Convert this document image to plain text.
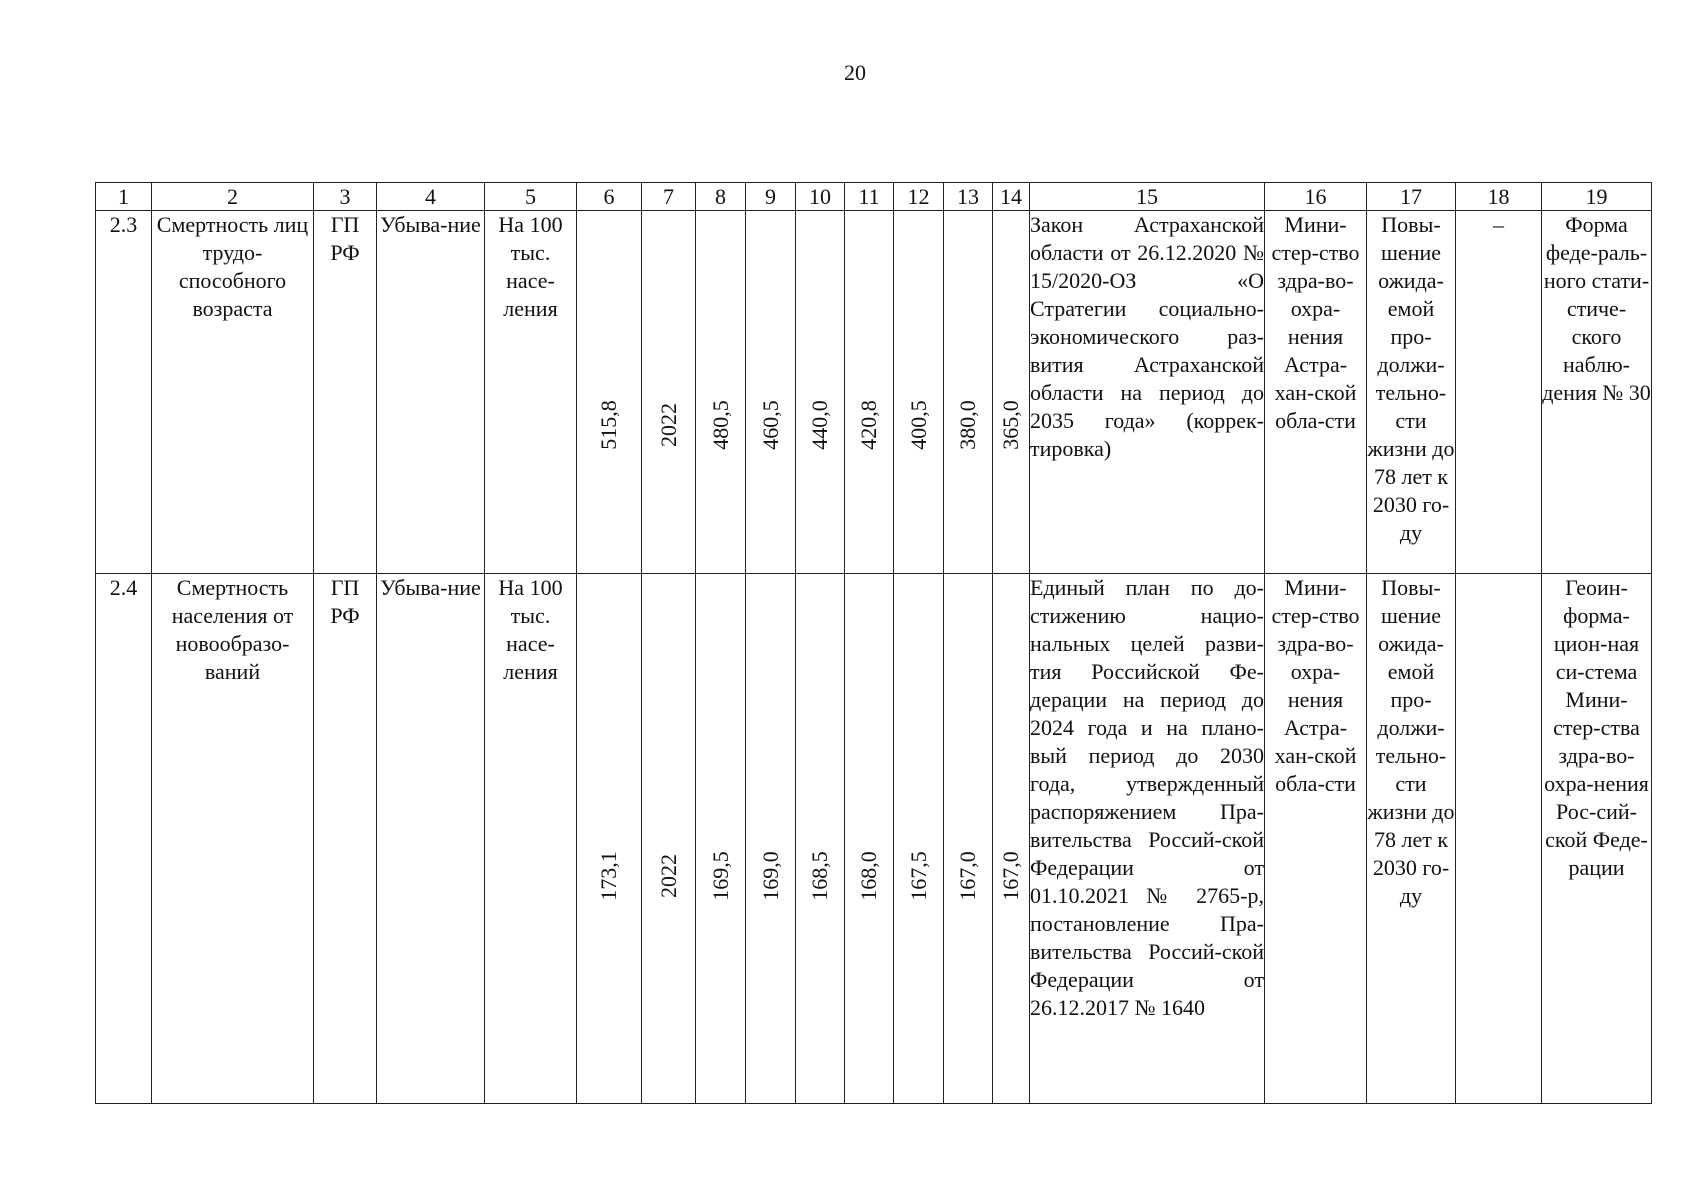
20
1	2	3	4	5	6	7	8	9	10	11	12	13	14	15	16	17	18	19
2.3	Смертность лиц трудо-способного возраста	ГП РФ	Убыва-ние	На 100 тыс. насе-ления	515,8	2022	480,5	460,5	440,0	420,8	400,5	380,0	365,0	Закон Астраханской области от 26.12.2020 № 15/2020-ОЗ «О Стратегии социально-экономического раз-вития Астраханской области на период до 2035 года» (коррек-тировка)	Мини-стер-ство здра-во-охра-нения Астра-хан-ской обла-сти	Повы-шение ожида-емой про-должи-тельно-сти жизни до 78 лет к 2030 го-ду	–	Форма феде-раль-ного стати-стиче-ского наблю-дения № 30
2.4	Смертность населения от новообразо-ваний	ГП РФ	Убыва-ние	На 100 тыс. насе-ления	173,1	2022	169,5	169,0	168,5	168,0	167,5	167,0	167,0	Единый план по до-стижению нацио-нальных целей разви-тия Российской Фе-дерации на период до 2024 года и на плано-вый период до 2030 года, утвержденный распоряжением Пра-вительства Россий-ской Федерации от 01.10.2021 № 2765-р, постановление Пра-вительства Россий-ской Федерации от 26.12.2017 № 1640	Мини-стер-ство здра-во-охра-нения Астра-хан-ской обла-сти	Повы-шение ожида-емой про-должи-тельно-сти жизни до 78 лет к 2030 го-ду		Геоин-форма-цион-ная си-стема Мини-стер-ства здра-во-охра-нения Рос-сий-ской Феде-рации
